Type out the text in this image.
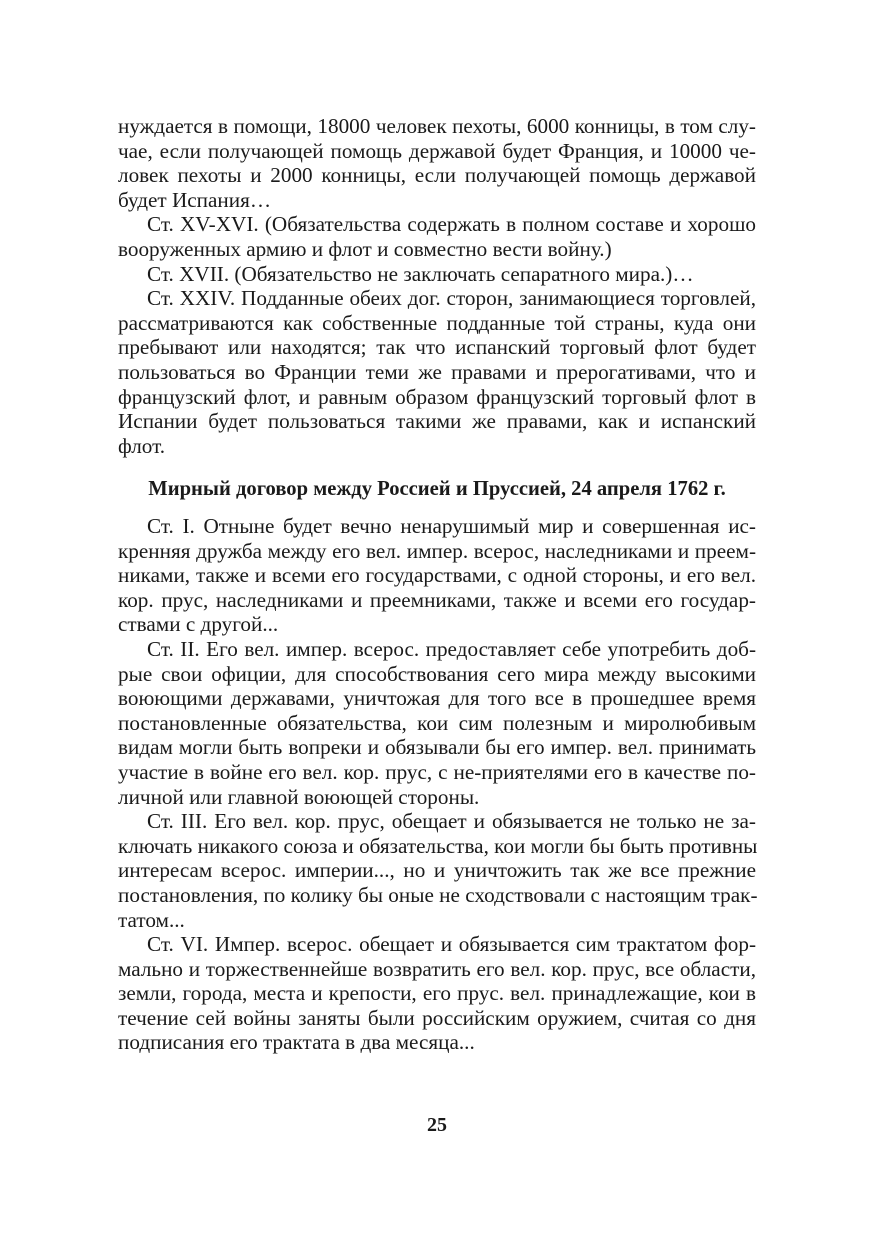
нуждается в помощи, 18000 человек пехоты, 6000 конницы, в том слу-
чае, если получающей помощь державой будет Франция, и 10000 че-
ловек пехоты и 2000 конницы, если получающей помощь державой
будет Испания…
Ст. XV-XVI. (Обязательства содержать в полном составе и хорошо
вооруженных армию и флот и совместно вести войну.)
Ст. XVII. (Обязательство не заключать сепаратного мира.)…
Ст. XXIV. Подданные обеих дог. сторон, занимающиеся торговлей,
рассматриваются как собственные подданные той страны, куда они
пребывают или находятся; так что испанский торговый флот будет
пользоваться во Франции теми же правами и прерогативами, что и
французский флот, и равным образом французский торговый флот в
Испании будет пользоваться такими же правами, как и испанский
флот.
Мирный договор между Россией и Пруссией, 24 апреля 1762 г.
Ст. I. Отныне будет вечно ненарушимый мир и совершенная ис-
кренняя дружба между его вел. импер. всерос, наследниками и преем-
никами, также и всеми его государствами, с одной стороны, и его вел.
кор. прус, наследниками и преемниками, также и всеми его государ-
ствами с другой...
Ст. II. Его вел. импер. всерос. предоставляет себе употребить доб-
рые свои официи, для способствования сего мира между высокими
воюющими державами, уничтожая для того все в прошедшее время
постановленные обязательства, кои сим полезным и миролюбивым
видам могли быть вопреки и обязывали бы его импер. вел. принимать
участие в войне его вел. кор. прус, с не-приятелями его в качестве по-
личной или главной воюющей стороны.
Ст. III. Его вел. кор. прус, обещает и обязывается не только не за-
ключать никакого союза и обязательства, кои могли бы быть противны
интересам всерос. империи..., но и уничтожить так же все прежние
постановления, по колику бы оные не сходствовали с настоящим трак-
татом...
Ст. VI. Импер. всерос. обещает и обязывается сим трактатом фор-
мально и торжественнейше возвратить его вел. кор. прус, все области,
земли, города, места и крепости, его прус. вел. принадлежащие, кои в
течение сей войны заняты были российским оружием, считая со дня
подписания его трактата в два месяца...
25
